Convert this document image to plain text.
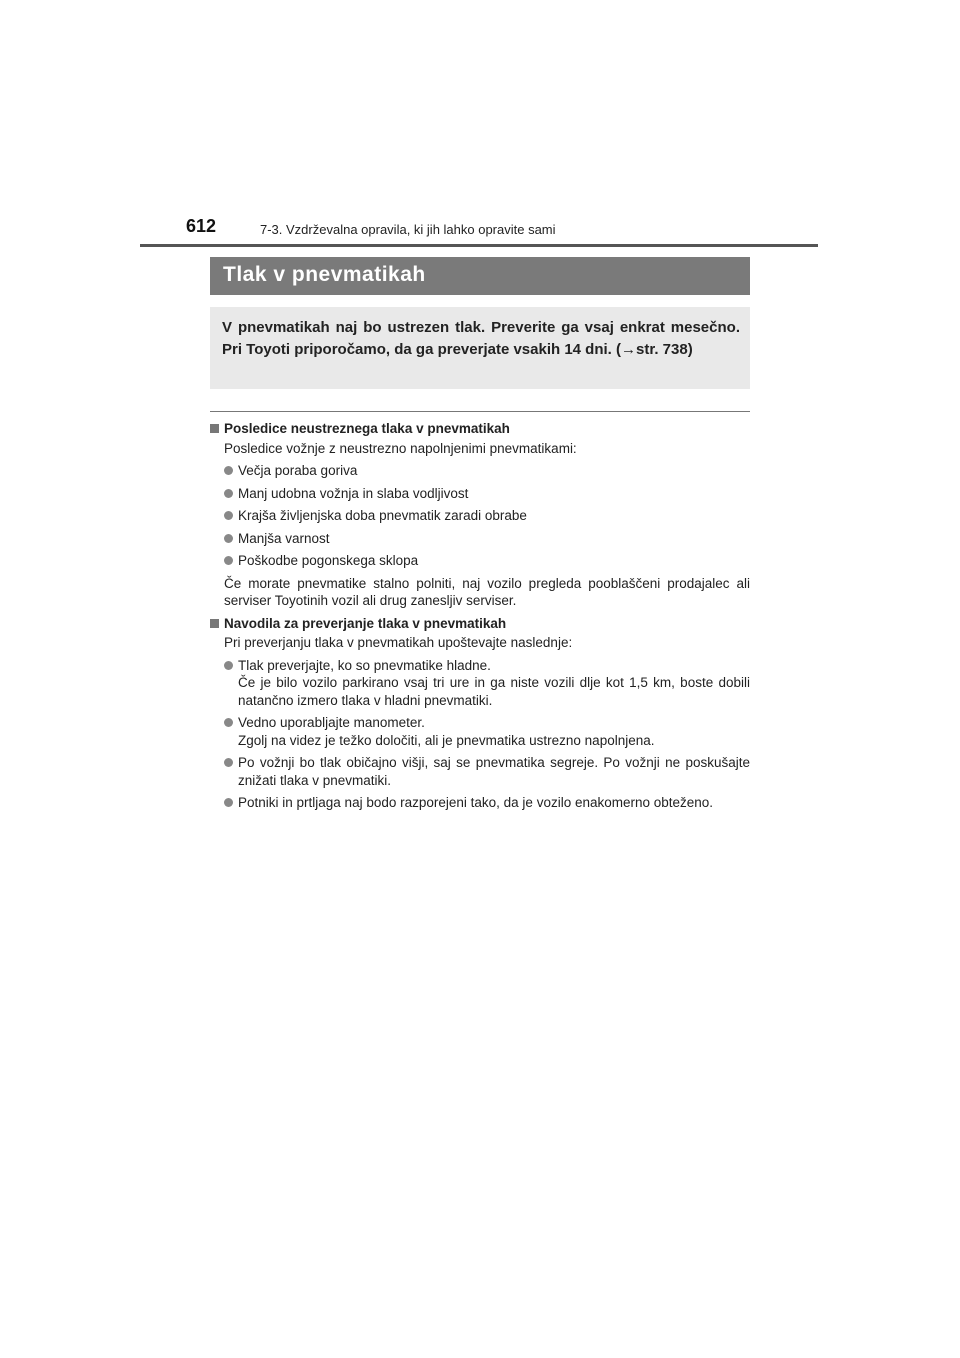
612	7-3. Vzdrževalna opravila, ki jih lahko opravite sami
Tlak v pnevmatikah
V pnevmatikah naj bo ustrezen tlak. Preverite ga vsaj enkrat mesečno. Pri Toyoti priporočamo, da ga preverjate vsakih 14 dni. (→str. 738)
Posledice neustreznega tlaka v pnevmatikah
Posledice vožnje z neustrezno napolnjenimi pnevmatikami:
Večja poraba goriva
Manj udobna vožnja in slaba vodljivost
Krajša življenjska doba pnevmatik zaradi obrabe
Manjša varnost
Poškodbe pogonskega sklopa
Če morate pnevmatike stalno polniti, naj vozilo pregleda pooblaščeni prodajalec ali serviser Toyotinih vozil ali drug zanesljiv serviser.
Navodila za preverjanje tlaka v pnevmatikah
Pri preverjanju tlaka v pnevmatikah upoštevajte naslednje:
Tlak preverjajte, ko so pnevmatike hladne.
Če je bilo vozilo parkirano vsaj tri ure in ga niste vozili dlje kot 1,5 km, boste dobili natančno izmero tlaka v hladni pnevmatiki.
Vedno uporabljajte manometer.
Zgolj na videz je težko določiti, ali je pnevmatika ustrezno napolnjena.
Po vožnji bo tlak običajno višji, saj se pnevmatika segreje. Po vožnji ne poskušajte znižati tlaka v pnevmatiki.
Potniki in prtljaga naj bodo razporejeni tako, da je vozilo enakomerno obteženo.
